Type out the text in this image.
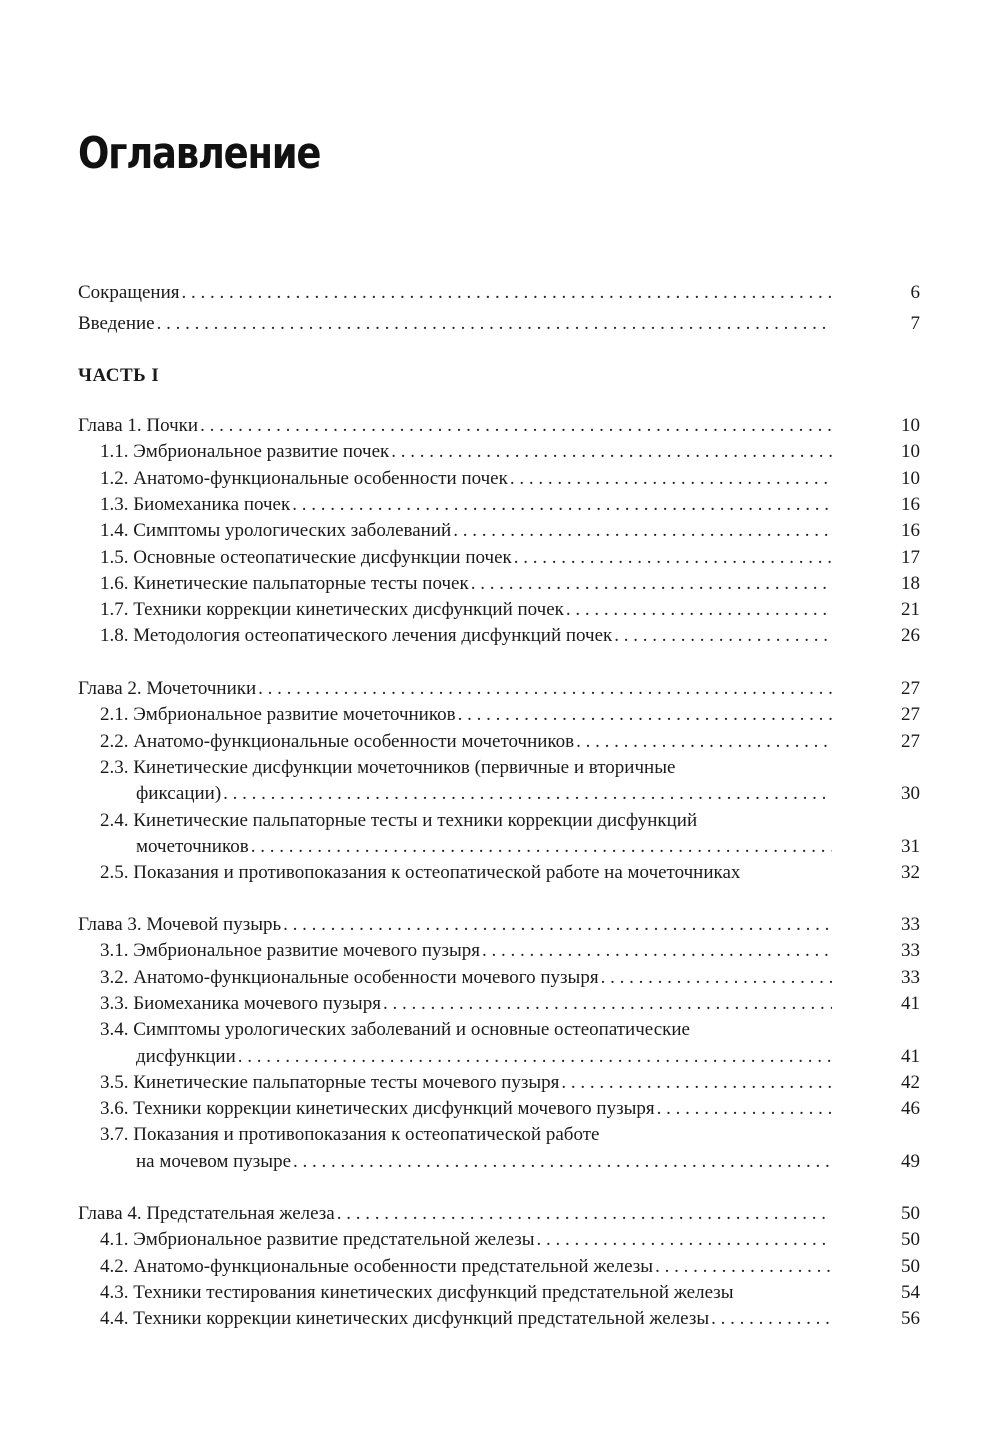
Оглавление
ЧАСТЬ I
Сокращения . . .	6
Введение . . .	7
Глава 1. Почки . . .	10
1.1. Эмбриональное развитие почек . . .	10
1.2. Анатомо-функциональные особенности почек . . .	10
1.3. Биомеханика почек . . .	16
1.4. Симптомы урологических заболеваний . . .	16
1.5. Основные остеопатические дисфункции почек . . .	17
1.6. Кинетические пальпаторные тесты почек . . .	18
1.7. Техники коррекции кинетических дисфункций почек . . .	21
1.8. Методология остеопатического лечения дисфункций почек . . .	26
Глава 2. Мочеточники . . .	27
2.1. Эмбриональное развитие мочеточников . . .	27
2.2. Анатомо-функциональные особенности мочеточников . . .	27
2.3. Кинетические дисфункции мочеточников (первичные и вторичные
фиксации) . . .	30
2.4. Кинетические пальпаторные тесты и техники коррекции дисфункций
мочеточников . . .	31
2.5. Показания и противопоказания к остеопатической работе на мочеточниках	32
Глава 3. Мочевой пузырь . . .	33
3.1. Эмбриональное развитие мочевого пузыря . . .	33
3.2. Анатомо-функциональные особенности мочевого пузыря . . .	33
3.3. Биомеханика мочевого пузыря . . .	41
3.4. Симптомы урологических заболеваний и основные остеопатические
дисфункции . . .	41
3.5. Кинетические пальпаторные тесты мочевого пузыря . . .	42
3.6. Техники коррекции кинетических дисфункций мочевого пузыря . . .	46
3.7. Показания и противопоказания к остеопатической работе
на мочевом пузыре . . .	49
Глава 4. Предстательная железа . . .	50
4.1. Эмбриональное развитие предстательной железы . . .	50
4.2. Анатомо-функциональные особенности предстательной железы . . .	50
4.3. Техники тестирования кинетических дисфункций предстательной железы	54
4.4. Техники коррекции кинетических дисфункций предстательной железы . . .	56
